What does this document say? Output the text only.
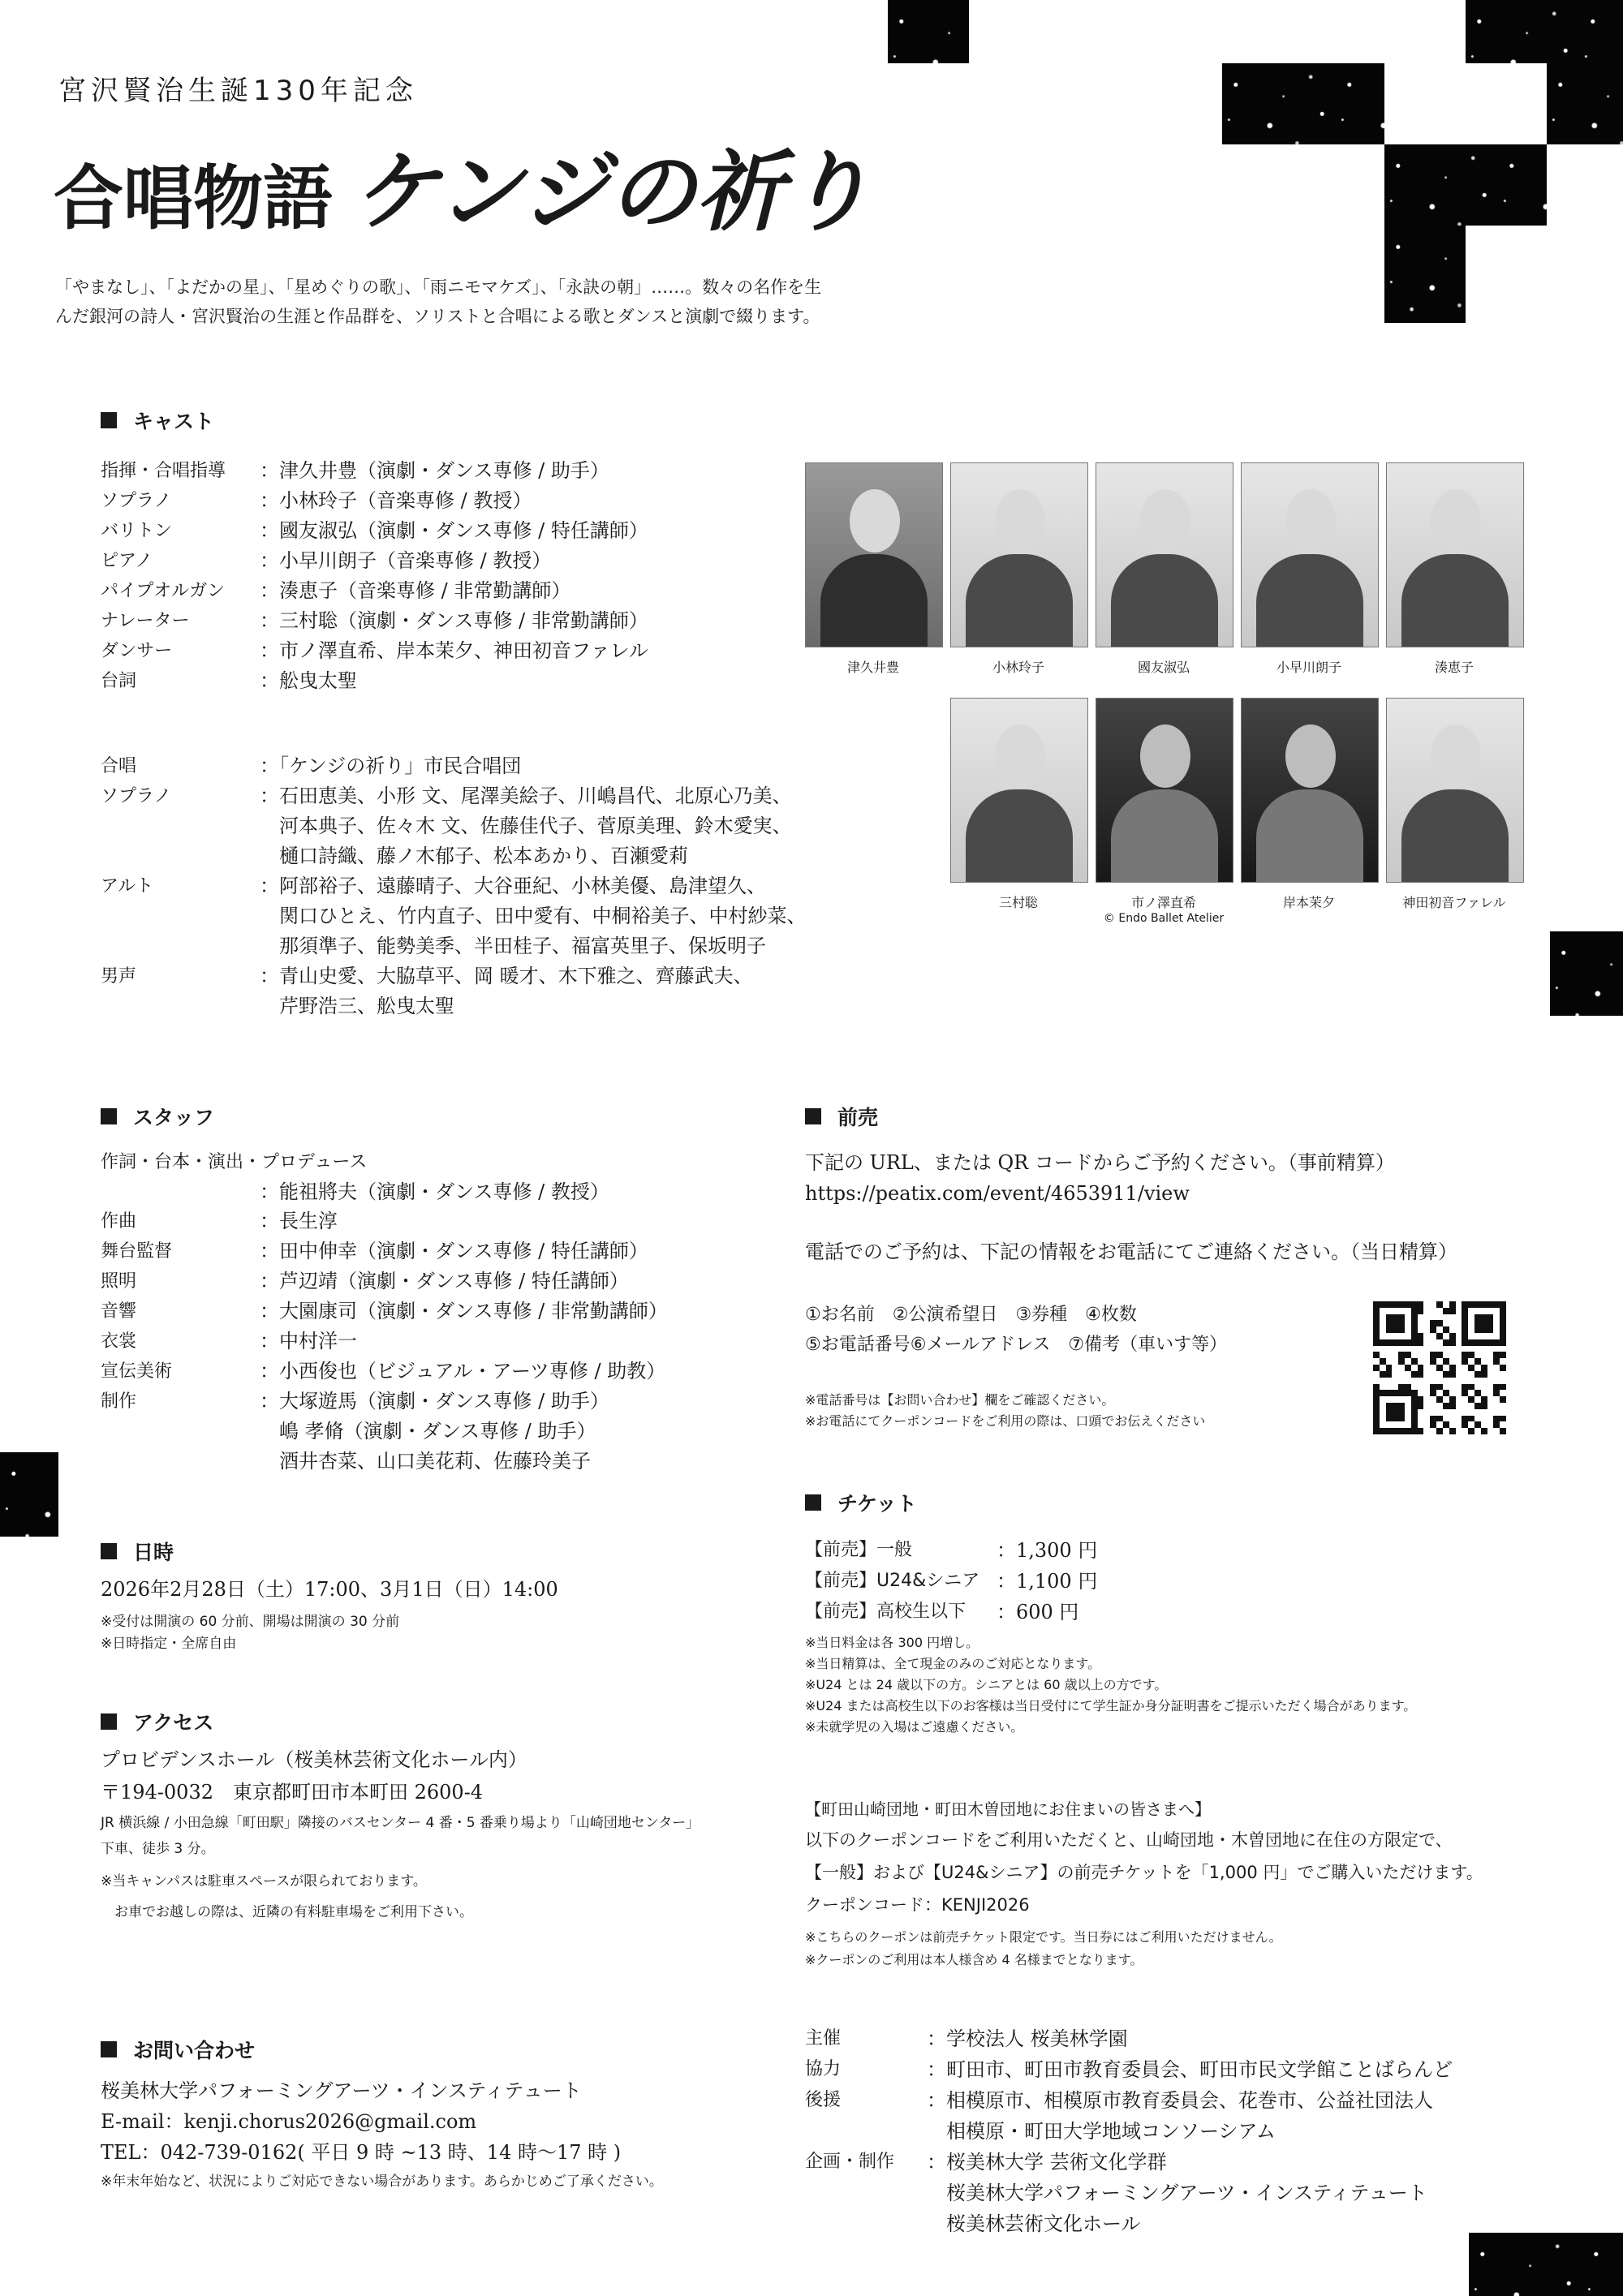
宮沢賢治生誕130年記念
合唱物語 ケンジの祈り
「やまなし」、「よだかの星」、「星めぐりの歌」、「雨ニモマケズ」、「永訣の朝」……。数々の名作を生
んだ銀河の詩人・宮沢賢治の生涯と作品群を、ソリストと合唱による歌とダンスと演劇で綴ります。
キャスト
指揮・合唱指導	：津久井豊（演劇・ダンス専修 / 助手）
ソプラノ	：小林玲子（音楽専修 / 教授）
バリトン	：國友淑弘（演劇・ダンス専修 / 特任講師）
ピアノ	：小早川朗子（音楽専修 / 教授）
パイプオルガン	：湊恵子（音楽専修 / 非常勤講師）
ナレーター	：三村聡（演劇・ダンス専修 / 非常勤講師）
ダンサー	：市ノ澤直希、岸本茉夕、神田初音ファレル
台詞	：舩曳太聖
合唱	：「ケンジの祈り」市民合唱団
ソプラノ	：石田恵美、小形 文、尾澤美絵子、川嶋昌代、北原心乃美、
　河本典子、佐々木 文、佐藤佳代子、菅原美理、鈴木愛実、
　樋口詩織、藤ノ木郁子、松本あかり、百瀬愛莉
アルト	：阿部裕子、遠藤晴子、大谷亜紀、小林美優、島津望久、
　関口ひとえ、竹内直子、田中愛有、中桐裕美子、中村紗菜、
　那須準子、能勢美季、半田桂子、福富英里子、保坂明子
男声	：青山史愛、大脇草平、岡 暖才、木下雅之、齊藤武夫、
　芹野浩三、舩曳太聖
津久井豊	小林玲子	國友淑弘	小早川朗子	湊恵子
三村聡	市ノ澤直希	岸本茉夕	神田初音ファレル
© Endo Ballet Atelier
スタッフ
作詞・台本・演出・プロデュース
：能祖將夫（演劇・ダンス専修 / 教授）
作曲	：長生淳
舞台監督	：田中伸幸（演劇・ダンス専修 / 特任講師）
照明	：芦辺靖（演劇・ダンス専修 / 特任講師）
音響	：大園康司（演劇・ダンス専修 / 非常勤講師）
衣裳	：中村洋一
宣伝美術	：小西俊也（ビジュアル・アーツ専修 / 助教）
制作	：大塚遊馬（演劇・ダンス専修 / 助手）
　嶋 孝脩（演劇・ダンス専修 / 助手）
　酒井杏菜、山口美花莉、佐藤玲美子
日時
2026年2月28日（土）17:00、3月1日（日）14:00
※受付は開演の 60 分前、開場は開演の 30 分前
※日時指定・全席自由
アクセス
プロビデンスホール（桜美林芸術文化ホール内）
〒194-0032　東京都町田市本町田 2600-4
JR 横浜線 / 小田急線「町田駅」隣接のバスセンター 4 番・5 番乗り場より「山崎団地センター」
下車、徒歩 3 分。
※当キャンパスは駐車スペースが限られております。
　お車でお越しの際は、近隣の有料駐車場をご利用下さい。
お問い合わせ
桜美林大学パフォーミングアーツ・インスティテュート
E-mail：kenji.chorus2026@gmail.com
TEL：042-739-0162( 平日 9 時 ~13 時、14 時〜17 時 )
※年末年始など、状況によりご対応できない場合があります。あらかじめご了承ください。
前売
下記の URL、または QR コードからご予約ください。（事前精算）
https://peatix.com/event/4653911/view
電話でのご予約は、下記の情報をお電話にてご連絡ください。（当日精算）
①お名前　②公演希望日　③券種　④枚数
⑤お電話番号⑥メールアドレス　⑦備考（車いす等）
※電話番号は【お問い合わせ】欄をご確認ください。
※お電話にてクーポンコードをご利用の際は、口頭でお伝えください
チケット
【前売】一般	：1,300 円
【前売】U24&シニア ：1,100 円
【前売】高校生以下	：600 円
※当日料金は各 300 円増し。
※当日精算は、全て現金のみのご対応となります。
※U24 とは 24 歳以下の方。シニアとは 60 歳以上の方です。
※U24 または高校生以下のお客様は当日受付にて学生証か身分証明書をご提示いただく場合があります。
※未就学児の入場はご遠慮ください。
【町田山崎団地・町田木曽団地にお住まいの皆さまへ】
以下のクーポンコードをご利用いただくと、山崎団地・木曽団地に在住の方限定で、
【一般】および【U24&シニア】の前売チケットを「1,000 円」でご購入いただけます。
クーポンコード：KENJI2026
※こちらのクーポンは前売チケット限定です。当日券にはご利用いただけません。
※クーポンのご利用は本人様含め 4 名様までとなります。
主催	：学校法人 桜美林学園
協力	：町田市、町田市教育委員会、町田市民文学館ことばらんど
後援	：相模原市、相模原市教育委員会、花巻市、公益社団法人
　相模原・町田大学地域コンソーシアム
企画・制作	：桜美林大学 芸術文化学群
　桜美林大学パフォーミングアーツ・インスティテュート
　桜美林芸術文化ホール
